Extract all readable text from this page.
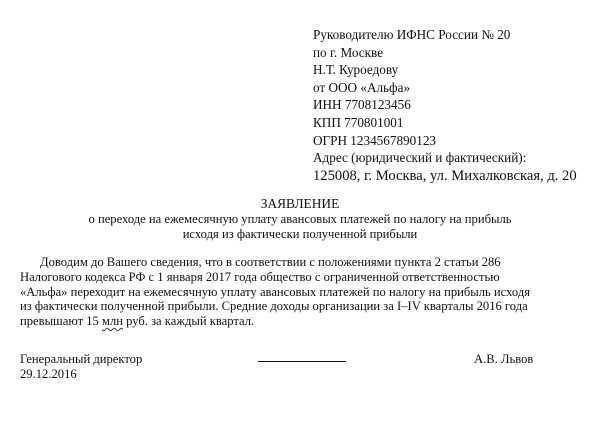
Руководителю ИФНС России № 20
по г. Москве
Н.Т. Куроедову
от ООО «Альфа»
ИНН 7708123456
КПП 770801001
ОГРН 1234567890123
Адрес (юридический и фактический):
125008, г. Москва, ул. Михалковская, д. 20
ЗАЯВЛЕНИЕ
о переходе на ежемесячную уплату авансовых платежей по налогу на прибыль
исходя из фактически полученной прибыли
Доводим до Вашего сведения, что в соответствии с положениями пункта 2 статьи 286
Налогового кодекса РФ с 1 января 2017 года общество с ограниченной ответственностью
«Альфа» переходит на ежемесячную уплату авансовых платежей по налогу на прибыль исходя
из фактически полученной прибыли. Средние доходы организации за I–IV кварталы 2016 года
превышают 15 млн руб. за каждый квартал.
Генеральный директор
29.12.2016
А.В. Львов
